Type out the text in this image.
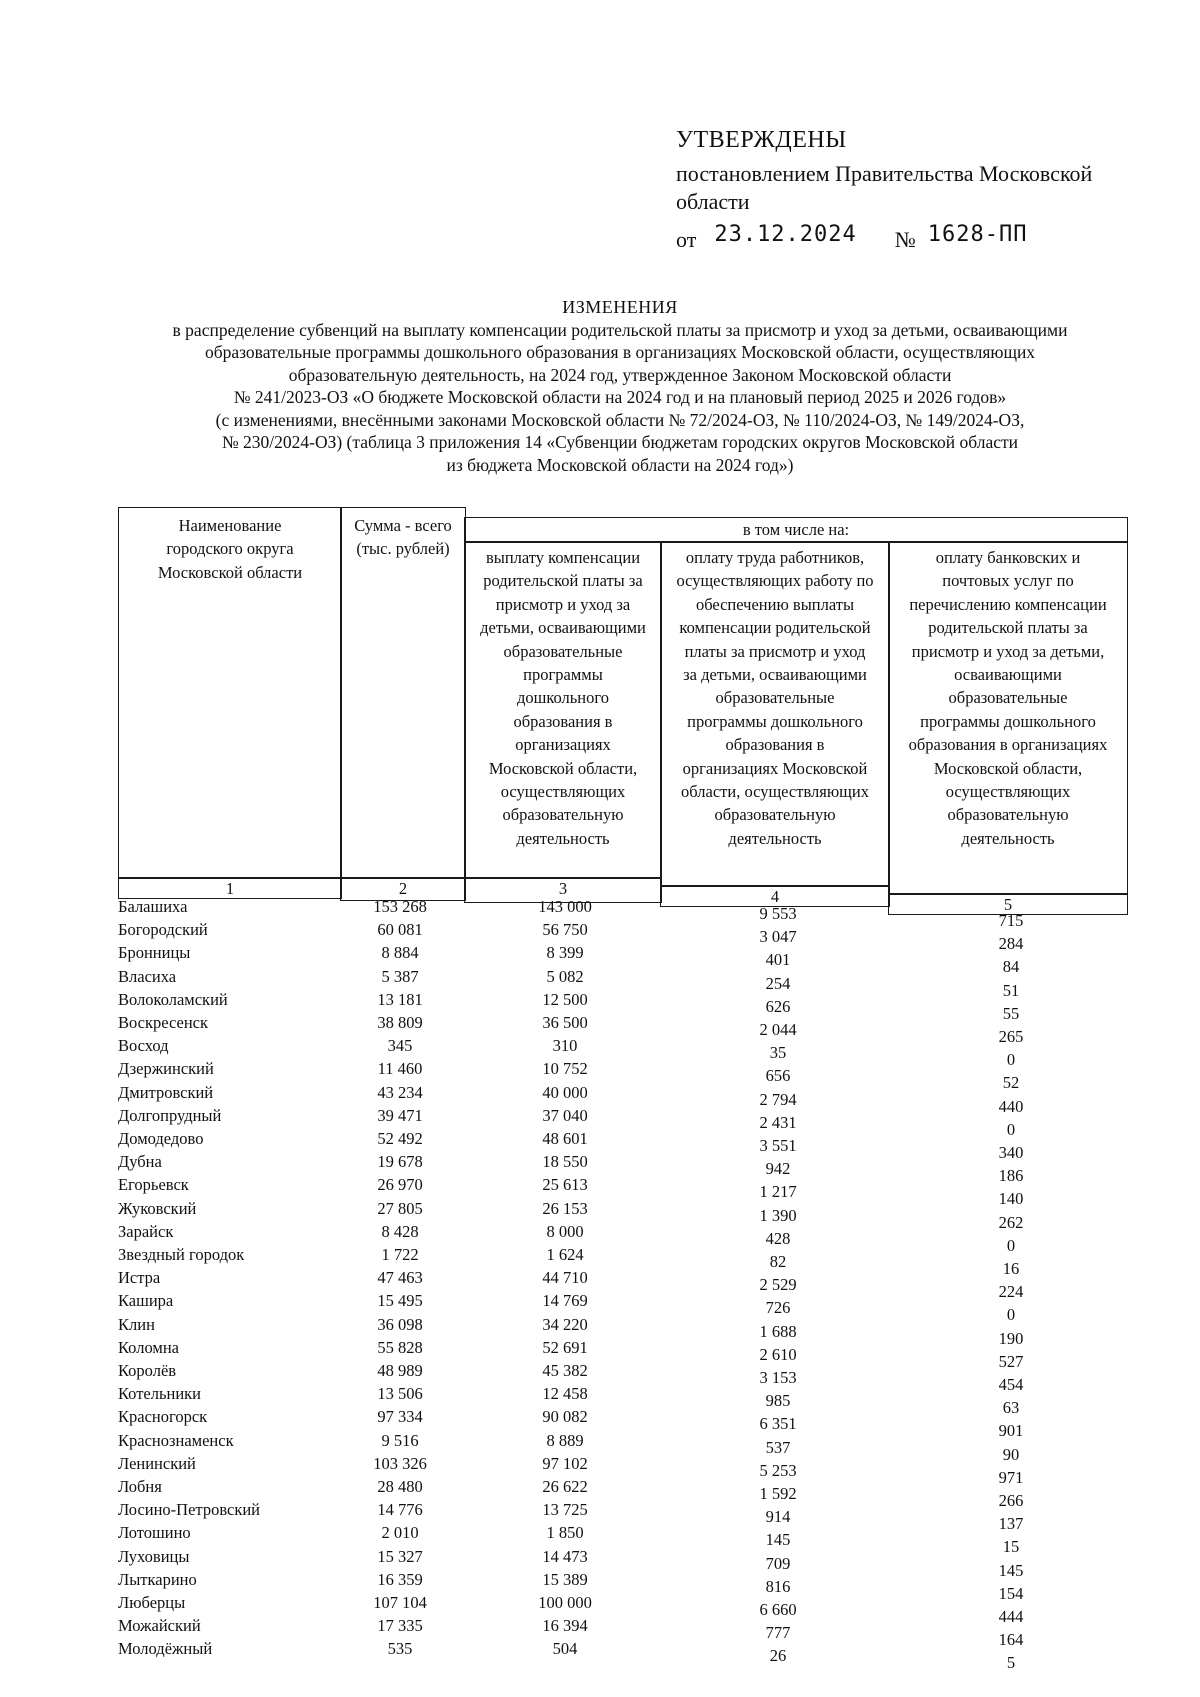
УТВЕРЖДЕНЫ
постановлением Правительства Московской
области
от 23.12.2024 № 1628-ПП
ИЗМЕНЕНИЯ
в распределение субвенций на выплату компенсации родительской платы за присмотр и уход за детьми, осваивающими
образовательные программы дошкольного образования в организациях Московской области, осуществляющих
образовательную деятельность, на 2024 год, утвержденное Законом Московской области
№ 241/2023-ОЗ «О бюджете Московской области на 2024 год и на плановый период 2025 и 2026 годов»
(с изменениями, внесёнными законами Московской области № 72/2024-ОЗ, № 110/2024-ОЗ, № 149/2024-ОЗ,
№ 230/2024-ОЗ) (таблица 3 приложения 14 «Субвенции бюджетам городских округов Московской области
из бюджета Московской области на 2024 год»)
Наименование
городского округа
Московской области
Сумма - всего
(тыс. рублей)
в том числе на:
выплату компенсации
родительской платы за
присмотр и уход за
детьми, осваивающими
образовательные
программы
дошкольного
образования в
организациях
Московской области,
осуществляющих
образовательную
деятельность
оплату труда работников,
осуществляющих работу по
обеспечению выплаты
компенсации родительской
платы за присмотр и уход
за детьми, осваивающими
образовательные
программы дошкольного
образования в
организациях Московской
области, осуществляющих
образовательную
деятельность
оплату банковских и
почтовых услуг по
перечислению компенсации
родительской платы за
присмотр и уход за детьми,
осваивающими
образовательные
программы дошкольного
образования в организациях
Московской области,
осуществляющих
образовательную
деятельность
1	2	3	4	5
Балашиха	153 268	143 000	9 553	715
Богородский	60 081	56 750	3 047	284
Бронницы	8 884	8 399	401	84
Власиха	5 387	5 082	254	51
Волоколамский	13 181	12 500	626	55
Воскресенск	38 809	36 500	2 044	265
Восход	345	310	35	0
Дзержинский	11 460	10 752	656	52
Дмитровский	43 234	40 000	2 794	440
Долгопрудный	39 471	37 040	2 431	0
Домодедово	52 492	48 601	3 551	340
Дубна	19 678	18 550	942	186
Егорьевск	26 970	25 613	1 217	140
Жуковский	27 805	26 153	1 390	262
Зарайск	8 428	8 000	428	0
Звездный городок	1 722	1 624	82	16
Истра	47 463	44 710	2 529	224
Кашира	15 495	14 769	726	0
Клин	36 098	34 220	1 688	190
Коломна	55 828	52 691	2 610	527
Королёв	48 989	45 382	3 153	454
Котельники	13 506	12 458	985	63
Красногорск	97 334	90 082	6 351	901
Краснознаменск	9 516	8 889	537	90
Ленинский	103 326	97 102	5 253	971
Лобня	28 480	26 622	1 592	266
Лосино-Петровский	14 776	13 725	914	137
Лотошино	2 010	1 850	145	15
Луховицы	15 327	14 473	709	145
Лыткарино	16 359	15 389	816	154
Люберцы	107 104	100 000	6 660	444
Можайский	17 335	16 394	777	164
Молодёжный	535	504	26	5
